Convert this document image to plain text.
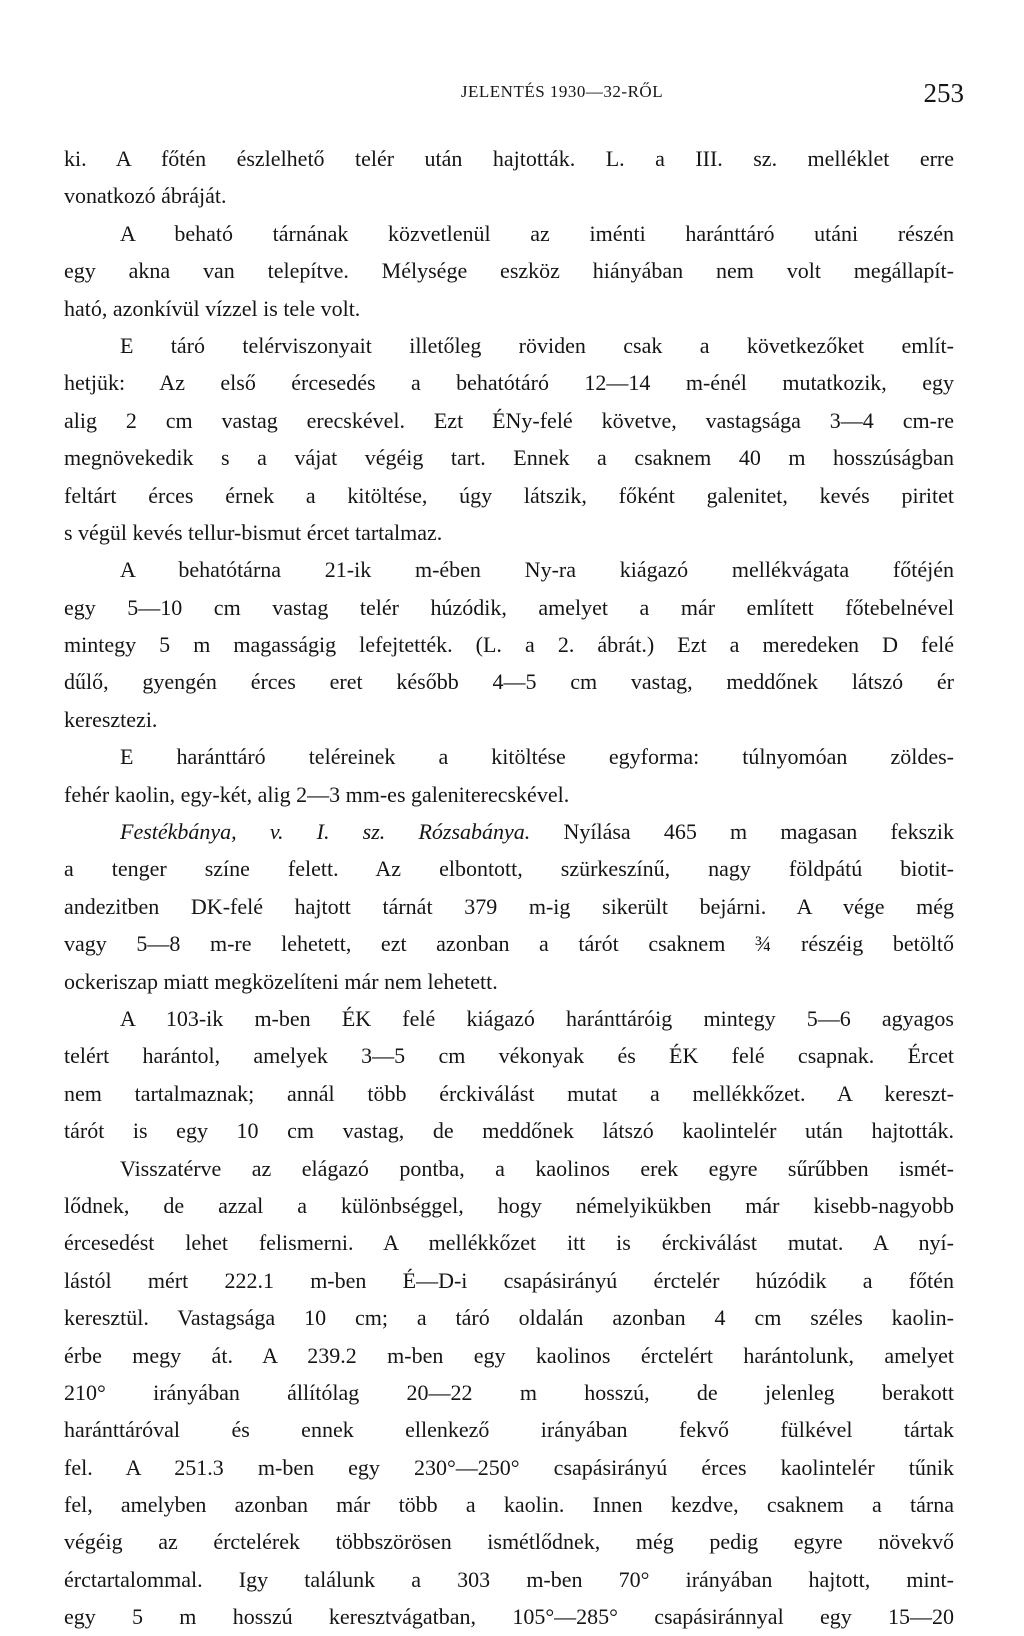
JELENTÉS 1930—32-RŐL	253
ki. A főtén észlelhető telér után hajtották. L. a III. sz. melléklet erre
vonatkozó ábráját.
A beható tárnának közvetlenül az iménti haránttáró utáni részén
egy akna van telepítve. Mélysége eszköz hiányában nem volt megállapít-
ható, azonkívül vízzel is tele volt.
E táró telérviszonyait illetőleg röviden csak a következőket említ-
hetjük: Az első ércesedés a behatótáró 12—14 m-énél mutatkozik, egy
alig 2 cm vastag erecskével. Ezt ÉNy-felé követve, vastagsága 3—4 cm-re
megnövekedik s a vájat végéig tart. Ennek a csaknem 40 m hosszúságban
feltárt érces érnek a kitöltése, úgy látszik, főként galenitet, kevés piritet
s végül kevés tellur-bismut ércet tartalmaz.
A behatótárna 21-ik m-ében Ny-ra kiágazó mellékvágata főtéjén
egy 5—10 cm vastag telér húzódik, amelyet a már említett főtebelnével
mintegy 5 m magasságig lefejtették. (L. a 2. ábrát.) Ezt a meredeken D felé
dűlő, gyengén érces eret később 4—5 cm vastag, meddőnek látszó ér
keresztezi.
E haránttáró teléreinek a kitöltése egyforma: túlnyomóan zöldes-
fehér kaolin, egy-két, alig 2—3 mm-es galeniterecskével.
Festékbánya, v. I. sz. Rózsabánya. Nyílása 465 m magasan fekszik
a tenger színe felett. Az elbontott, szürkeszínű, nagy földpátú biotit-
andezitben DK-felé hajtott tárnát 379 m-ig sikerült bejárni. A vége még
vagy 5—8 m-re lehetett, ezt azonban a tárót csaknem ¾ részéig betöltő
ockeriszap miatt megközelíteni már nem lehetett.
A 103-ik m-ben ÉK felé kiágazó haránttáróig mintegy 5—6 agyagos
telért harántol, amelyek 3—5 cm vékonyak és ÉK felé csapnak. Ércet
nem tartalmaznak; annál több érckiválást mutat a mellékkőzet. A kereszt-
tárót is egy 10 cm vastag, de meddőnek látszó kaolintelér után hajtották.
Visszatérve az elágazó pontba, a kaolinos erek egyre sűrűbben ismét-
lődnek, de azzal a különbséggel, hogy némelyikükben már kisebb-nagyobb
ércesedést lehet felismerni. A mellékkőzet itt is érckiválást mutat. A nyí-
lástól mért 222.1 m-ben É—D-i csapásirányú érctelér húzódik a főtén
keresztül. Vastagsága 10 cm; a táró oldalán azonban 4 cm széles kaolin-
érbe megy át. A 239.2 m-ben egy kaolinos érctelért harántolunk, amelyet
210° irányában állítólag 20—22 m hosszú, de jelenleg berakott
haránttáróval és ennek ellenkező irányában fekvő fülkével tártak
fel. A 251.3 m-ben egy 230°—250° csapásirányú érces kaolintelér tűnik
fel, amelyben azonban már több a kaolin. Innen kezdve, csaknem a tárna
végéig az érctelérek többszörösen ismétlődnek, még pedig egyre növekvő
érctartalommal. Igy találunk a 303 m-ben 70° irányában hajtott, mint-
egy 5 m hosszú keresztvágatban, 105°—285° csapásiránnyal egy 15—20
